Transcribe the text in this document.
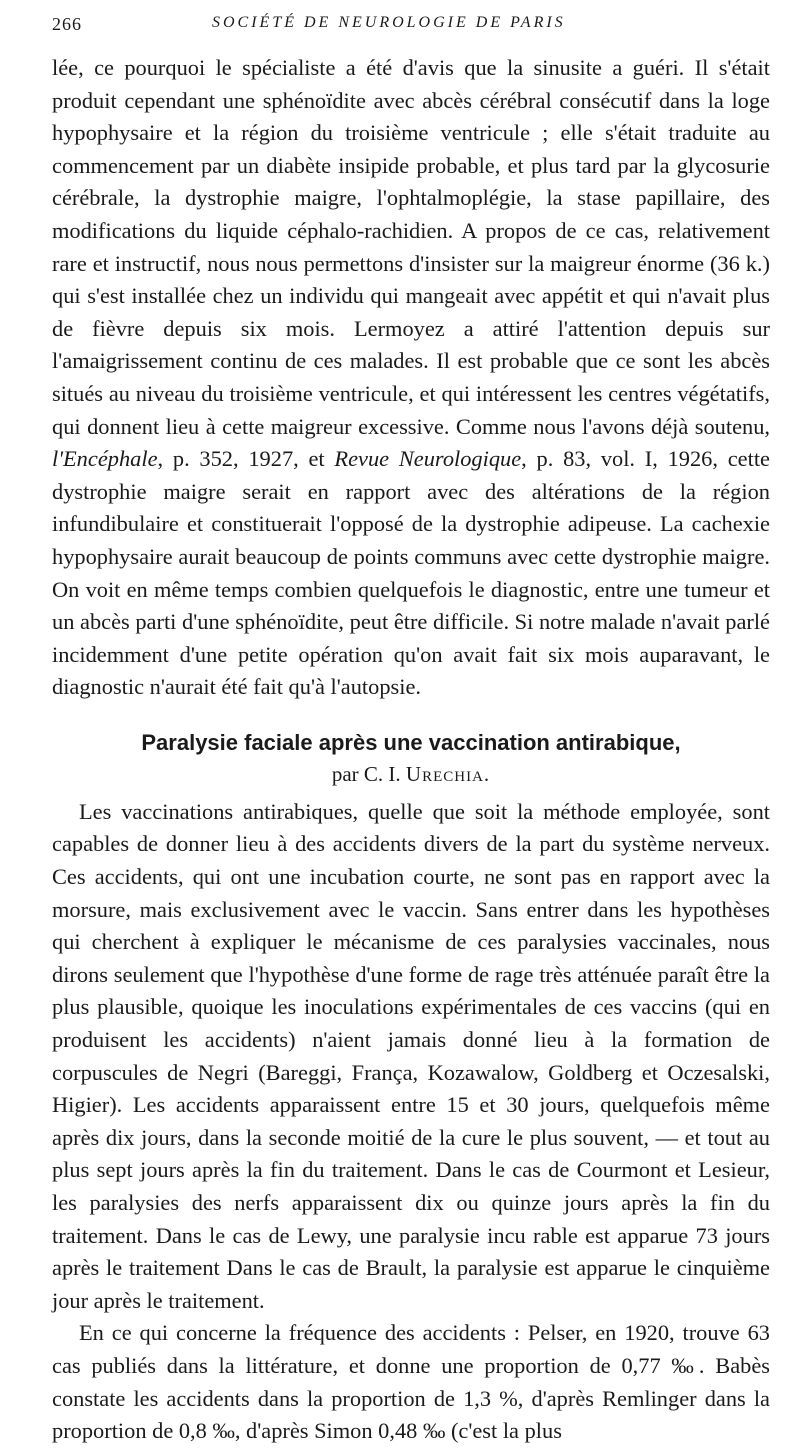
266	SOCIÉTÉ DE NEUROLOGIE DE PARIS

lée, ce pourquoi le spécialiste a été d'avis que la sinusite a guéri. Il s'était produit cependant une sphénoïdite avec abcès cérébral consécutif dans la loge hypophysaire et la région du troisième ventricule ; elle s'était traduite au commencement par un diabète insipide probable, et plus tard par la glycosurie cérébrale, la dystrophie maigre, l'ophtalmoplégie, la stase papillaire, des modifications du liquide céphalo-rachidien. A propos de ce cas, relativement rare et instructif, nous nous permettons d'insister sur la maigreur énorme (36 k.) qui s'est installée chez un individu qui mangeait avec appétit et qui n'avait plus de fièvre depuis six mois. Lermoyez a attiré l'attention depuis sur l'amaigrissement continu de ces malades. Il est probable que ce sont les abcès situés au niveau du troisième ventricule, et qui intéressent les centres végétatifs, qui donnent lieu à cette maigreur excessive. Comme nous l'avons déjà soutenu, l'Encéphale, p. 352, 1927, et Revue Neurologique, p. 83, vol. I, 1926, cette dystrophie maigre serait en rapport avec des altérations de la région infundibulaire et constituerait l'opposé de la dystrophie adipeuse. La cachexie hypophysaire aurait beaucoup de points communs avec cette dystrophie maigre. On voit en même temps combien quelquefois le diagnostic, entre une tumeur et un abcès parti d'une sphénoïdite, peut être difficile. Si notre malade n'avait parlé incidemment d'une petite opération qu'on avait fait six mois auparavant, le diagnostic n'aurait été fait qu'à l'autopsie.

Paralysie faciale après une vaccination antirabique,
par C. I. Urechia.

Les vaccinations antirabiques, quelle que soit la méthode employée, sont capables de donner lieu à des accidents divers de la part du système nerveux. Ces accidents, qui ont une incubation courte, ne sont pas en rapport avec la morsure, mais exclusivement avec le vaccin. Sans entrer dans les hypothèses qui cherchent à expliquer le mécanisme de ces paralysies vaccinales, nous dirons seulement que l'hypothèse d'une forme de rage très atténuée paraît être la plus plausible, quoique les inoculations expérimentales de ces vaccins (qui en produisent les accidents) n'aient jamais donné lieu à la formation de corpuscules de Negri (Bareggi, França, Kozawalow, Goldberg et Oczesalski, Higier). Les accidents apparaissent entre 15 et 30 jours, quelquefois même après dix jours, dans la seconde moitié de la cure le plus souvent, — et tout au plus sept jours après la fin du traitement. Dans le cas de Courmont et Lesieur, les paralysies des nerfs apparaissent dix ou quinze jours après la fin du traitement. Dans le cas de Lewy, une paralysie incu rable est apparue 73 jours après le traitement Dans le cas de Brault, la paralysie est apparue le cinquième jour après le traitement.

En ce qui concerne la fréquence des accidents : Pelser, en 1920, trouve 63 cas publiés dans la littérature, et donne une proportion de 0,77 ‰. Babès constate les accidents dans la proportion de 1,3 %, d'après Remlinger dans la proportion de 0,8 ‰, d'après Simon 0,48 ‰ (c'est la plus
